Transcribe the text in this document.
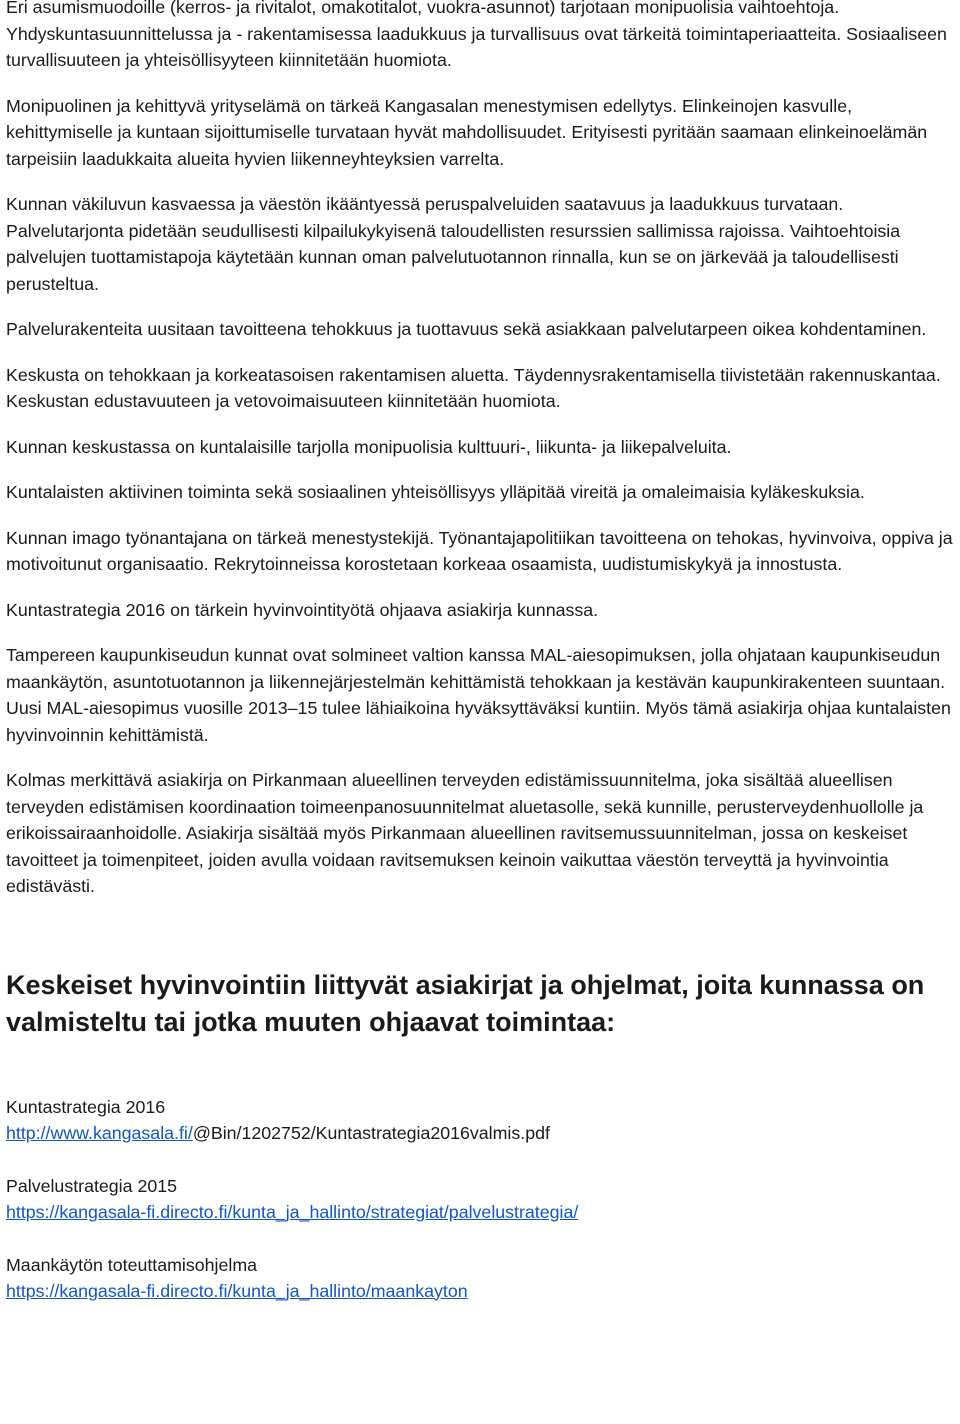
Eri asumismuodoille (kerros- ja rivitalot, omakotitalot, vuokra-asunnot) tarjotaan monipuolisia vaihtoehtoja. Yhdyskuntasuunnittelussa ja - rakentamisessa laadukkuus ja turvallisuus ovat tärkeitä toimintaperiaatteita. Sosiaaliseen turvallisuuteen ja yhteisöllisyyteen kiinnitetään huomiota.

Monipuolinen ja kehittyvä yrityselämä on tärkeä Kangasalan menestymisen edellytys. Elinkeinojen kasvulle, kehittymiselle ja kuntaan sijoittumiselle turvataan hyvät mahdollisuudet. Erityisesti pyritään saamaan elinkeinoelämän tarpeisiin laadukkaita alueita hyvien liikenneyhteyksien varrelta.

Kunnan väkiluvun kasvaessa ja väestön ikääntyessä peruspalveluiden saatavuus ja laadukkuus turvataan. Palvelutarjonta pidetään seudullisesti kilpailukykyisenä taloudellisten resurssien sallimissa rajoissa. Vaihtoehtoisia palvelujen tuottamistapoja käytetään kunnan oman palvelutuotannon rinnalla, kun se on järkevää ja taloudellisesti perusteltua.

Palvelurakenteita uusitaan tavoitteena tehokkuus ja tuottavuus sekä asiakkaan palvelutarpeen oikea kohdentaminen.

Keskusta on tehokkaan ja korkeatasoisen rakentamisen aluetta. Täydennysrakentamisella tiivistetään rakennuskantaa. Keskustan edustavuuteen ja vetovoimaisuuteen kiinnitetään huomiota.

Kunnan keskustassa on kuntalaisille tarjolla monipuolisia kulttuuri-, liikunta- ja liikepalveluita.

Kuntalaisten aktiivinen toiminta sekä sosiaalinen yhteisöllisyys ylläpitää vireitä ja omaleimaisia kyläkeskuksia.

Kunnan imago työnantajana on tärkeä menestystekijä. Työnantajapolitiikan tavoitteena on tehokas, hyvinvoiva, oppiva ja motivoitunut organisaatio. Rekrytoinneissa korostetaan korkeaa osaamista, uudistumiskykyä ja innostusta.

Kuntastrategia 2016 on tärkein hyvinvointityötä ohjaava asiakirja kunnassa.

Tampereen kaupunkiseudun kunnat ovat solmineet valtion kanssa MAL-aiesopimuksen, jolla ohjataan kaupunkiseudun maankäytön, asuntotuotannon ja liikennejärjestelmän kehittämistä tehokkaan ja kestävän kaupunkirakenteen suuntaan. Uusi MAL-aiesopimus vuosille 2013–15 tulee lähiaikoina hyväksyttäväksi kuntiin. Myös tämä asiakirja ohjaa kuntalaisten hyvinvoinnin kehittämistä.

Kolmas merkittävä asiakirja on Pirkanmaan alueellinen terveyden edistämissuunnitelma, joka sisältää alueellisen terveyden edistämisen koordinaation toimeenpanosuunnitelmat aluetasolle, sekä kunnille, perusterveydenhuollolle ja erikoissairaanhoidolle. Asiakirja sisältää myös Pirkanmaan alueellinen ravitsemussuunnitelman, jossa on keskeiset tavoitteet ja toimenpiteet, joiden avulla voidaan ravitsemuksen keinoin vaikuttaa väestön terveyttä ja hyvinvointia edistävästi.

Keskeiset hyvinvointiin liittyvät asiakirjat ja ohjelmat, joita kunnassa on valmisteltu tai jotka muuten ohjaavat toimintaa:

Kuntastrategia 2016

http://www.kangasala.fi/@Bin/1202752/Kuntastrategia2016valmis.pdf

Palvelustrategia 2015

https://kangasala-fi.directo.fi/kunta_ja_hallinto/strategiat/palvelustrategia/

Maankäytön toteuttamisohjelma

https://kangasala-fi.directo.fi/kunta_ja_hallinto/maankayton
